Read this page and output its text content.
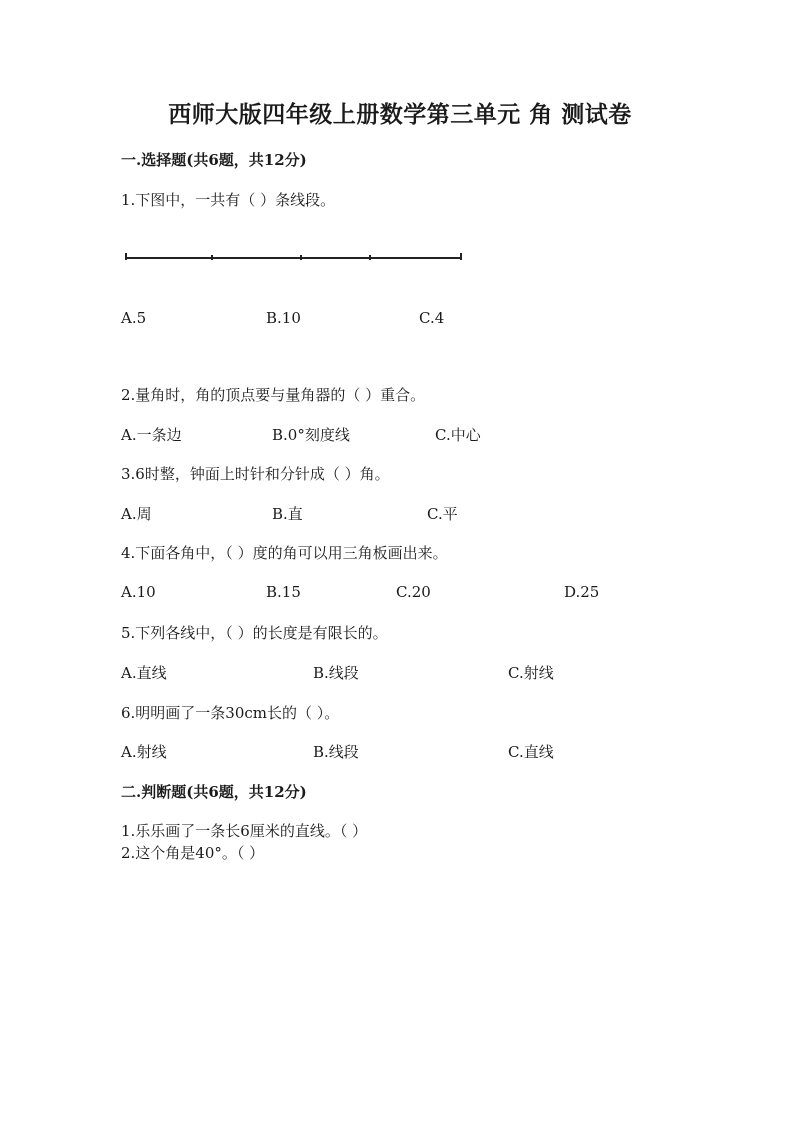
西师大版四年级上册数学第三单元 角 测试卷
一.选择题(共6题，共12分)
1.下图中，一共有（ ）条线段。
A.5	B.10	C.4
2.量角时，角的顶点要与量角器的（ ）重合。
A.一条边	B.0°刻度线	C.中心
3.6时整，钟面上时针和分针成（ ）角。
A.周	B.直	C.平
4.下面各角中，（ ）度的角可以用三角板画出来。
A.10	B.15	C.20	D.25
5.下列各线中，（ ）的长度是有限长的。
A.直线	B.线段	C.射线
6.明明画了一条30cm长的（ ）。
A.射线	B.线段	C.直线
二.判断题(共6题，共12分)
1.乐乐画了一条长6厘米的直线。（ ）
2.这个角是40°。（ ）
